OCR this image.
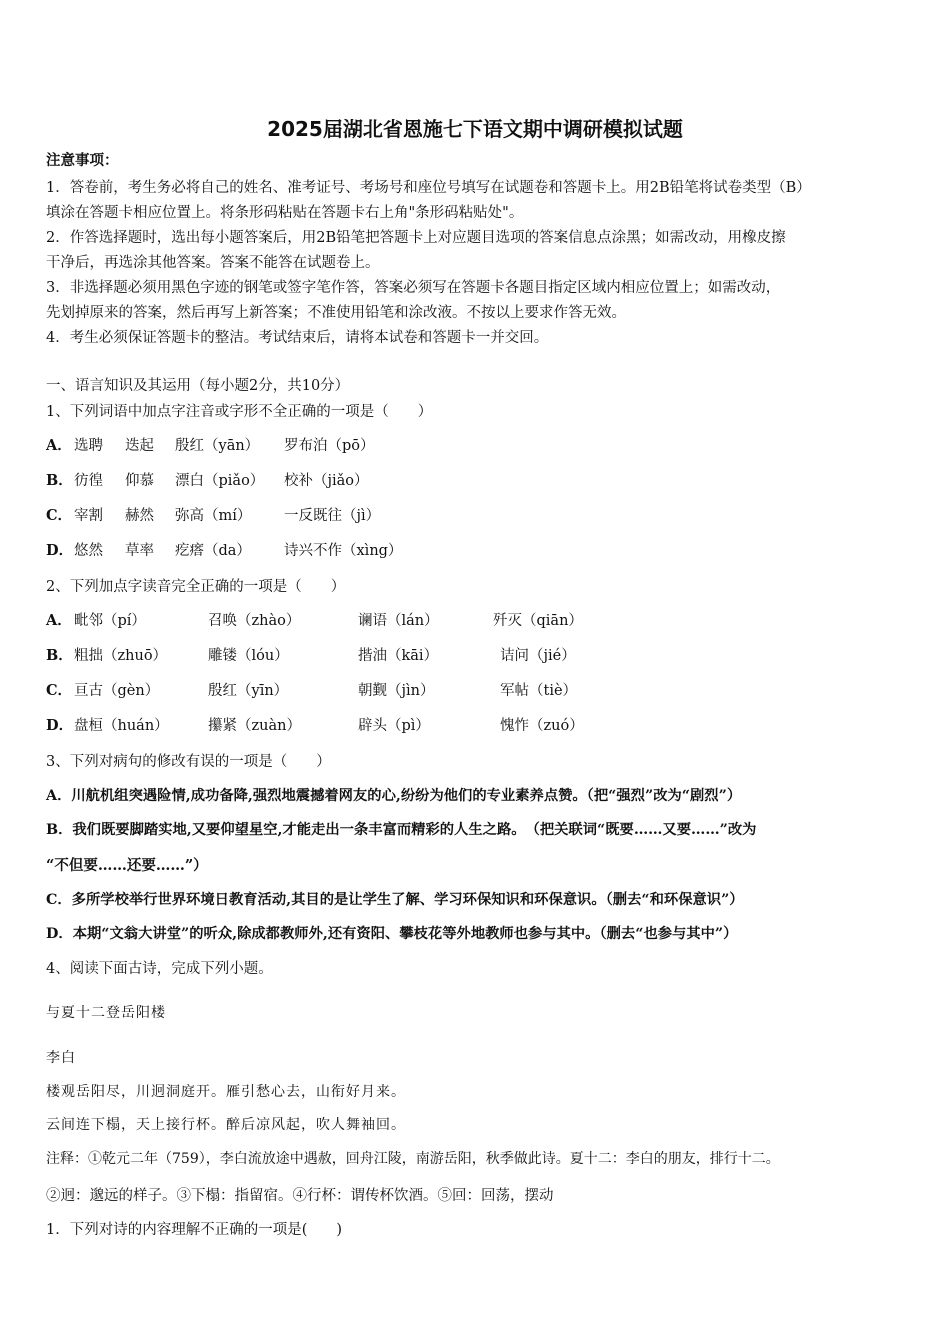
2025届湖北省恩施七下语文期中调研模拟试题
注意事项：
1．答卷前，考生务必将自己的姓名、准考证号、考场号和座位号填写在试题卷和答题卡上。用2B铅笔将试卷类型（B）
填涂在答题卡相应位置上。将条形码粘贴在答题卡右上角"条形码粘贴处"。
2．作答选择题时，选出每小题答案后，用2B铅笔把答题卡上对应题目选项的答案信息点涂黑；如需改动，用橡皮擦
干净后，再选涂其他答案。答案不能答在试题卷上。
3．非选择题必须用黑色字迹的钢笔或签字笔作答，答案必须写在答题卡各题目指定区域内相应位置上；如需改动，
先划掉原来的答案，然后再写上新答案；不准使用铅笔和涂改液。不按以上要求作答无效。
4．考生必须保证答题卡的整洁。考试结束后，请将本试卷和答题卡一并交回。
一、语言知识及其运用（每小题2分，共10分）
1、下列词语中加点字注音或字形不全正确的一项是（　　）
A． 选聘 迭起 殷红（yān） 罗布泊（pō）
B． 彷徨 仰慕 漂白（piǎo） 校补（jiǎo）
C． 宰割 赫然 弥高（mí） 一反既往（jì）
D． 悠然 草率 疙瘩（da） 诗兴不作（xìng）
2、下列加点字读音完全正确的一项是（　　）
A． 毗邻（pí）	召唤（zhào）	谰语（lán）	歼灭（qiān）
B． 粗拙（zhuō）	雕镂（lóu）	揩油（kāi）	诘问（jié）
C． 亘古（gèn）	殷红（yīn）	朝觐（jìn）	军帖（tiè）
D． 盘桓（huán）	攥紧（zuàn）	辟头（pì）	愧怍（zuó）
3、下列对病句的修改有误的一项是（　　）
A．川航机组突遇险情,成功备降,强烈地震撼着网友的心,纷纷为他们的专业素养点赞。（把“强烈”改为“剧烈”）
B．我们既要脚踏实地,又要仰望星空,才能走出一条丰富而精彩的人生之路。　（把关联词“既要……又要……”改为
“不但要……还要……”）
C．多所学校举行世界环境日教育活动,其目的是让学生了解、学习环保知识和环保意识。（删去“和环保意识”）
D．本期“文翁大讲堂”的听众,除成都教师外,还有资阳、攀枝花等外地教师也参与其中。（删去“也参与其中”）
4、阅读下面古诗，完成下列小题。
与夏十二登岳阳楼
李白
楼观岳阳尽，川迥洞庭开。雁引愁心去，山衔好月来。
云间连下榻，天上接行杯。醉后凉风起，吹人舞袖回。
注释：①乾元二年（759），李白流放途中遇赦，回舟江陵，南游岳阳，秋季做此诗。夏十二：李白的朋友，排行十二。
②迥：邈远的样子。③下榻：指留宿。④行杯：谓传杯饮酒。⑤回：回荡，摆动
1．下列对诗的内容理解不正确的一项是(　　)
